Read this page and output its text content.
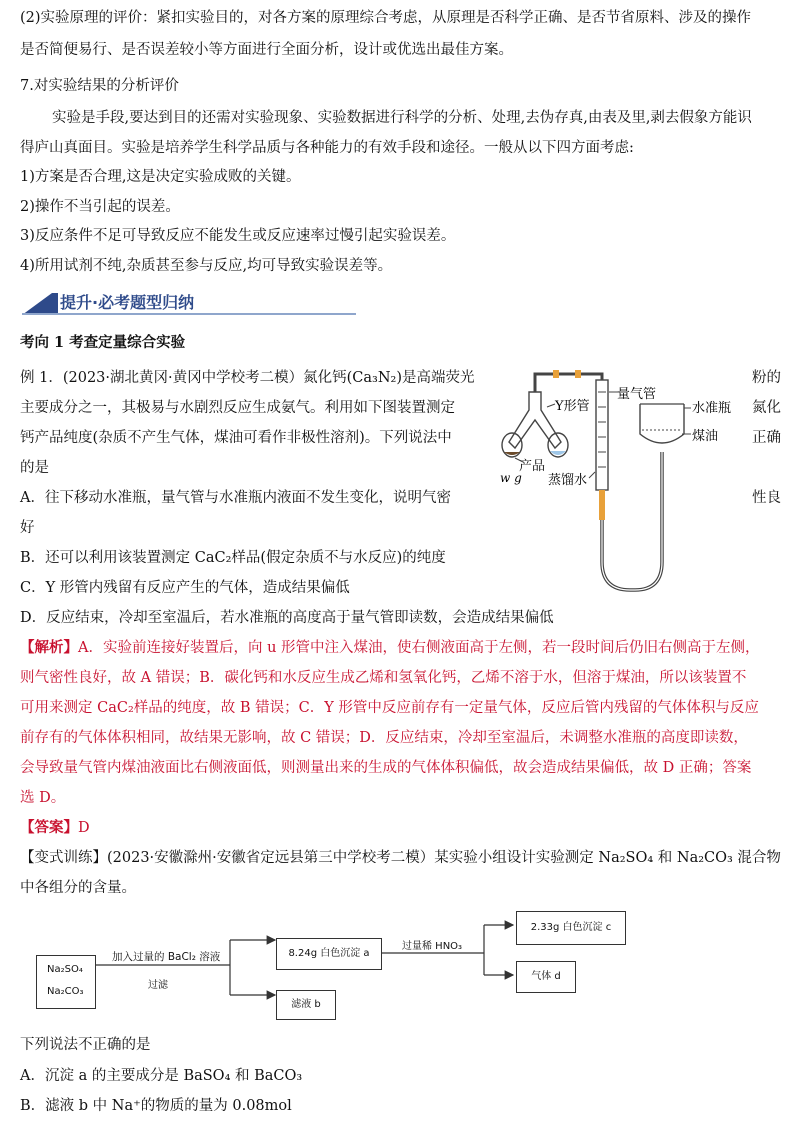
(2)实验原理的评价：紧扣实验目的，对各方案的原理综合考虑，从原理是否科学正确、是否节省原料、涉及的操作
是否简便易行、是否误差较小等方面进行全面分析，设计或优选出最佳方案。
7.对实验结果的分析评价
实验是手段,要达到目的还需对实验现象、实验数据进行科学的分析、处理,去伪存真,由表及里,剥去假象方能识
得庐山真面目。实验是培养学生科学品质与各种能力的有效手段和途径。一般从以下四方面考虑:
1)方案是否合理,这是决定实验成败的关键。
2)操作不当引起的误差。
3)反应条件不足可导致反应不能发生或反应速率过慢引起实验误差。
4)所用试剂不纯,杂质甚至参与反应,均可导致实验误差等。
提升·必考题型归纳
考向 1 考查定量综合实验
例 1．(2023·湖北黄冈·黄冈中学校考二模）氮化钙(Ca₃N₂)是高端荧光	粉的
主要成分之一，其极易与水剧烈反应生成氨气。利用如下图装置测定	氮化
钙产品纯度(杂质不产生气体，煤油可看作非极性溶剂)。下列说法中	正确
的是
A．往下移动水准瓶，量气管与水准瓶内液面不发生变化，说明气密	性良
好
B．还可以利用该装置测定 CaC₂样品(假定杂质不与水反应)的纯度
C．Y 形管内残留有反应产生的气体，造成结果偏低
D．反应结束，冷却至室温后，若水准瓶的高度高于量气管即读数，会造成结果偏低
Y形管
量气管
水准瓶
煤油
产品
w g 蒸馏水
【解析】A．实验前连接好装置后，向 u 形管中注入煤油，使右侧液面高于左侧，若一段时间后仍旧右侧高于左侧，
则气密性良好，故 A 错误；B．碳化钙和水反应生成乙烯和氢氧化钙，乙烯不溶于水，但溶于煤油，所以该装置不
可用来测定 CaC₂样品的纯度，故 B 错误；C．Y 形管中反应前存有一定量气体，反应后管内残留的气体体积与反应
前存有的气体体积相同，故结果无影响，故 C 错误；D．反应结束，冷却至室温后，未调整水准瓶的高度即读数，
会导致量气管内煤油液面比右侧液面低，则测量出来的生成的气体体积偏低，故会造成结果偏低，故 D 正确；答案
选 D。
【答案】D
【变式训练】(2023·安徽滁州·安徽省定远县第三中学校考二模）某实验小组设计实验测定 Na₂SO₄ 和 Na₂CO₃ 混合物
中各组分的含量。
Na₂SO₄
Na₂CO₃
加入过量的 BaCl₂ 溶液
过滤
8.24g 白色沉淀 a
滤液 b
过量稀 HNO₃
2.33g 白色沉淀 c
气体 d
下列说法不正确的是
A．沉淀 a 的主要成分是 BaSO₄ 和 BaCO₃
B．滤液 b 中 Na⁺的物质的量为 0.08mol
